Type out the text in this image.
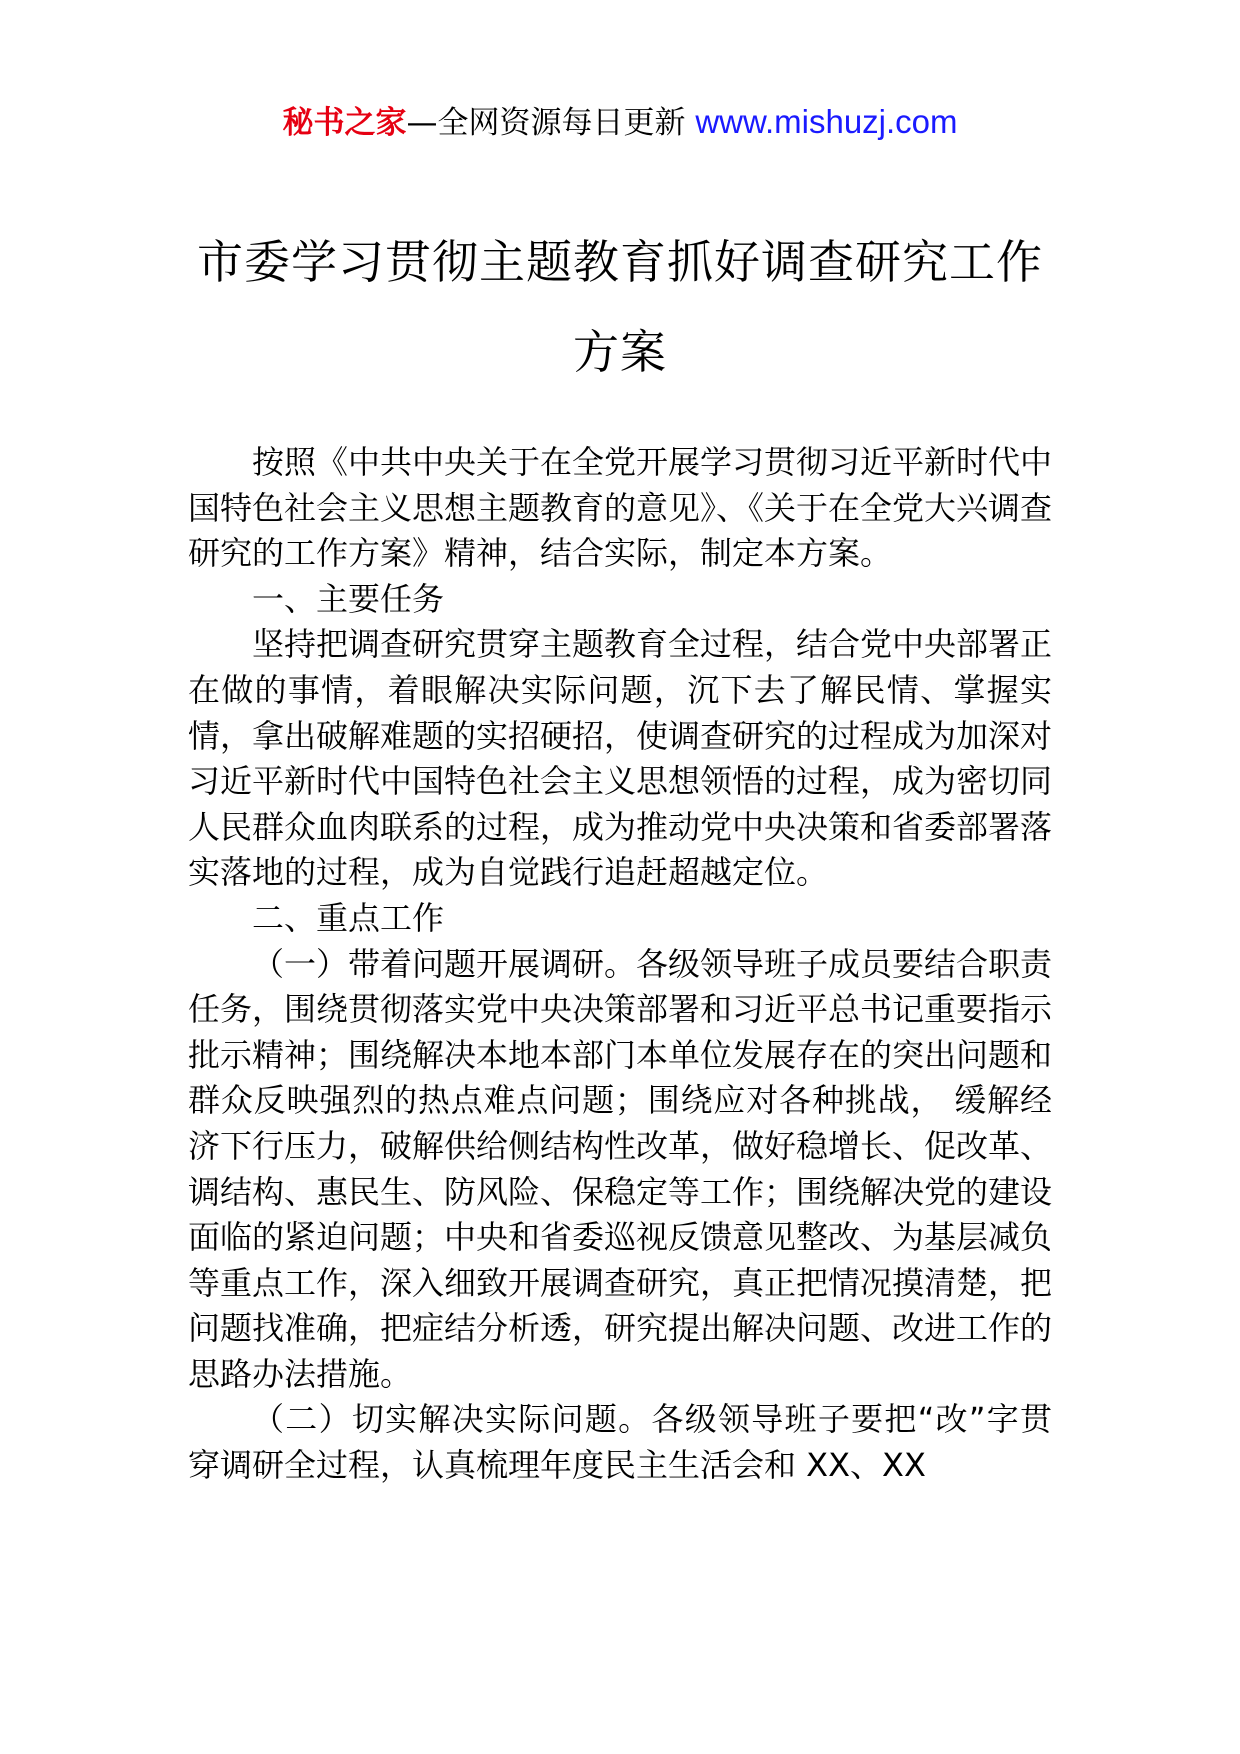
秘书之家—全网资源每日更新 www.mishuzj.com
市委学习贯彻主题教育抓好调查研究工作
方案

按照《中共中央关于在全党开展学习贯彻习近平新时代中国特色社会主义思想主题教育的意见》、《关于在全党大兴调查研究的工作方案》精神，结合实际，制定本方案。

一、主要任务

坚持把调查研究贯穿主题教育全过程，结合党中央部署正在做的事情，着眼解决实际问题，沉下去了解民情、掌握实情，拿出破解难题的实招硬招，使调查研究的过程成为加深对习近平新时代中国特色社会主义思想领悟的过程，成为密切同人民群众血肉联系的过程，成为推动党中央决策和省委部署落实落地的过程，成为自觉践行追赶超越定位。

二、重点工作

（一）带着问题开展调研。各级领导班子成员要结合职责任务，围绕贯彻落实党中央决策部署和习近平总书记重要指示批示精神；围绕解决本地本部门本单位发展存在的突出问题和群众反映强烈的热点难点问题；围绕应对各种挑战， 缓解经济下行压力，破解供给侧结构性改革，做好稳增长、促改革、调结构、惠民生、防风险、保稳定等工作；围绕解决党的建设面临的紧迫问题；中央和省委巡视反馈意见整改、为基层减负等重点工作，深入细致开展调查研究，真正把情况摸清楚，把问题找准确，把症结分析透，研究提出解决问题、改进工作的思路办法措施。

（二）切实解决实际问题。各级领导班子要把“改”字贯穿调研全过程，认真梳理年度民主生活会和 XX、XX
